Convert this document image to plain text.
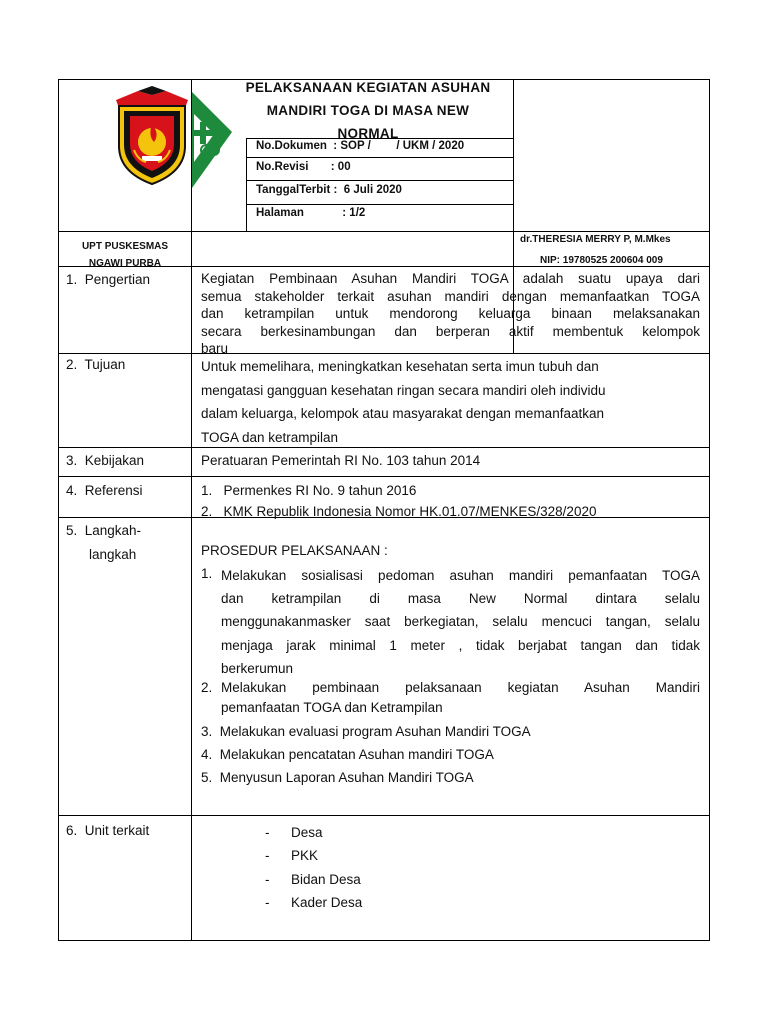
PELAKSANAAN KEGIATAN ASUHAN
MANDIRI TOGA DI MASA NEW
NORMAL
No.Dokumen  : SOP /        / UKM / 2020
No.Revisi       : 00
TanggalTerbit :  6 Juli 2020
Halaman            : 1/2
UPT PUSKESMAS
NGAWI PURBA
dr.THERESIA MERRY P, M.Mkes
NIP: 19780525 200604 009
1.  Pengertian	Kegiatan Pembinaan Asuhan Mandiri TOGA adalah suatu upaya dari
semua stakeholder terkait asuhan mandiri dengan memanfaatkan TOGA
dan ketrampilan untuk mendorong keluarga binaan melaksanakan
secara berkesinambungan dan berperan aktif membentuk kelompok
baru
2.  Tujuan	Untuk memelihara, meningkatkan kesehatan serta imun tubuh dan
mengatasi gangguan kesehatan ringan secara mandiri oleh individu
dalam keluarga, kelompok atau masyarakat dengan memanfaatkan
TOGA dan ketrampilan
3.  Kebijakan	Peratuaran Pemerintah RI No. 103 tahun 2014
4.  Referensi	1.   Permenkes RI No. 9 tahun 2016
2.   KMK Republik Indonesia Nomor HK.01.07/MENKES/328/2020
5.  Langkah-
langkah	PROSEDUR PELAKSANAAN :
1. Melakukan sosialisasi pedoman asuhan mandiri pemanfaatan TOGA
dan ketrampilan di masa New Normal dintara selalu
menggunakanmasker saat berkegiatan, selalu mencuci tangan, selalu
menjaga jarak minimal 1 meter , tidak berjabat tangan dan tidak
berkerumun
2. Melakukan pembinaan pelaksanaan kegiatan Asuhan Mandiri
pemanfaatan TOGA dan Ketrampilan
3.  Melakukan evaluasi program Asuhan Mandiri TOGA
4.  Melakukan pencatatan Asuhan mandiri TOGA
5.  Menyusun Laporan Asuhan Mandiri TOGA
6.  Unit terkait	- Desa
- PKK
- Bidan Desa
- Kader Desa
